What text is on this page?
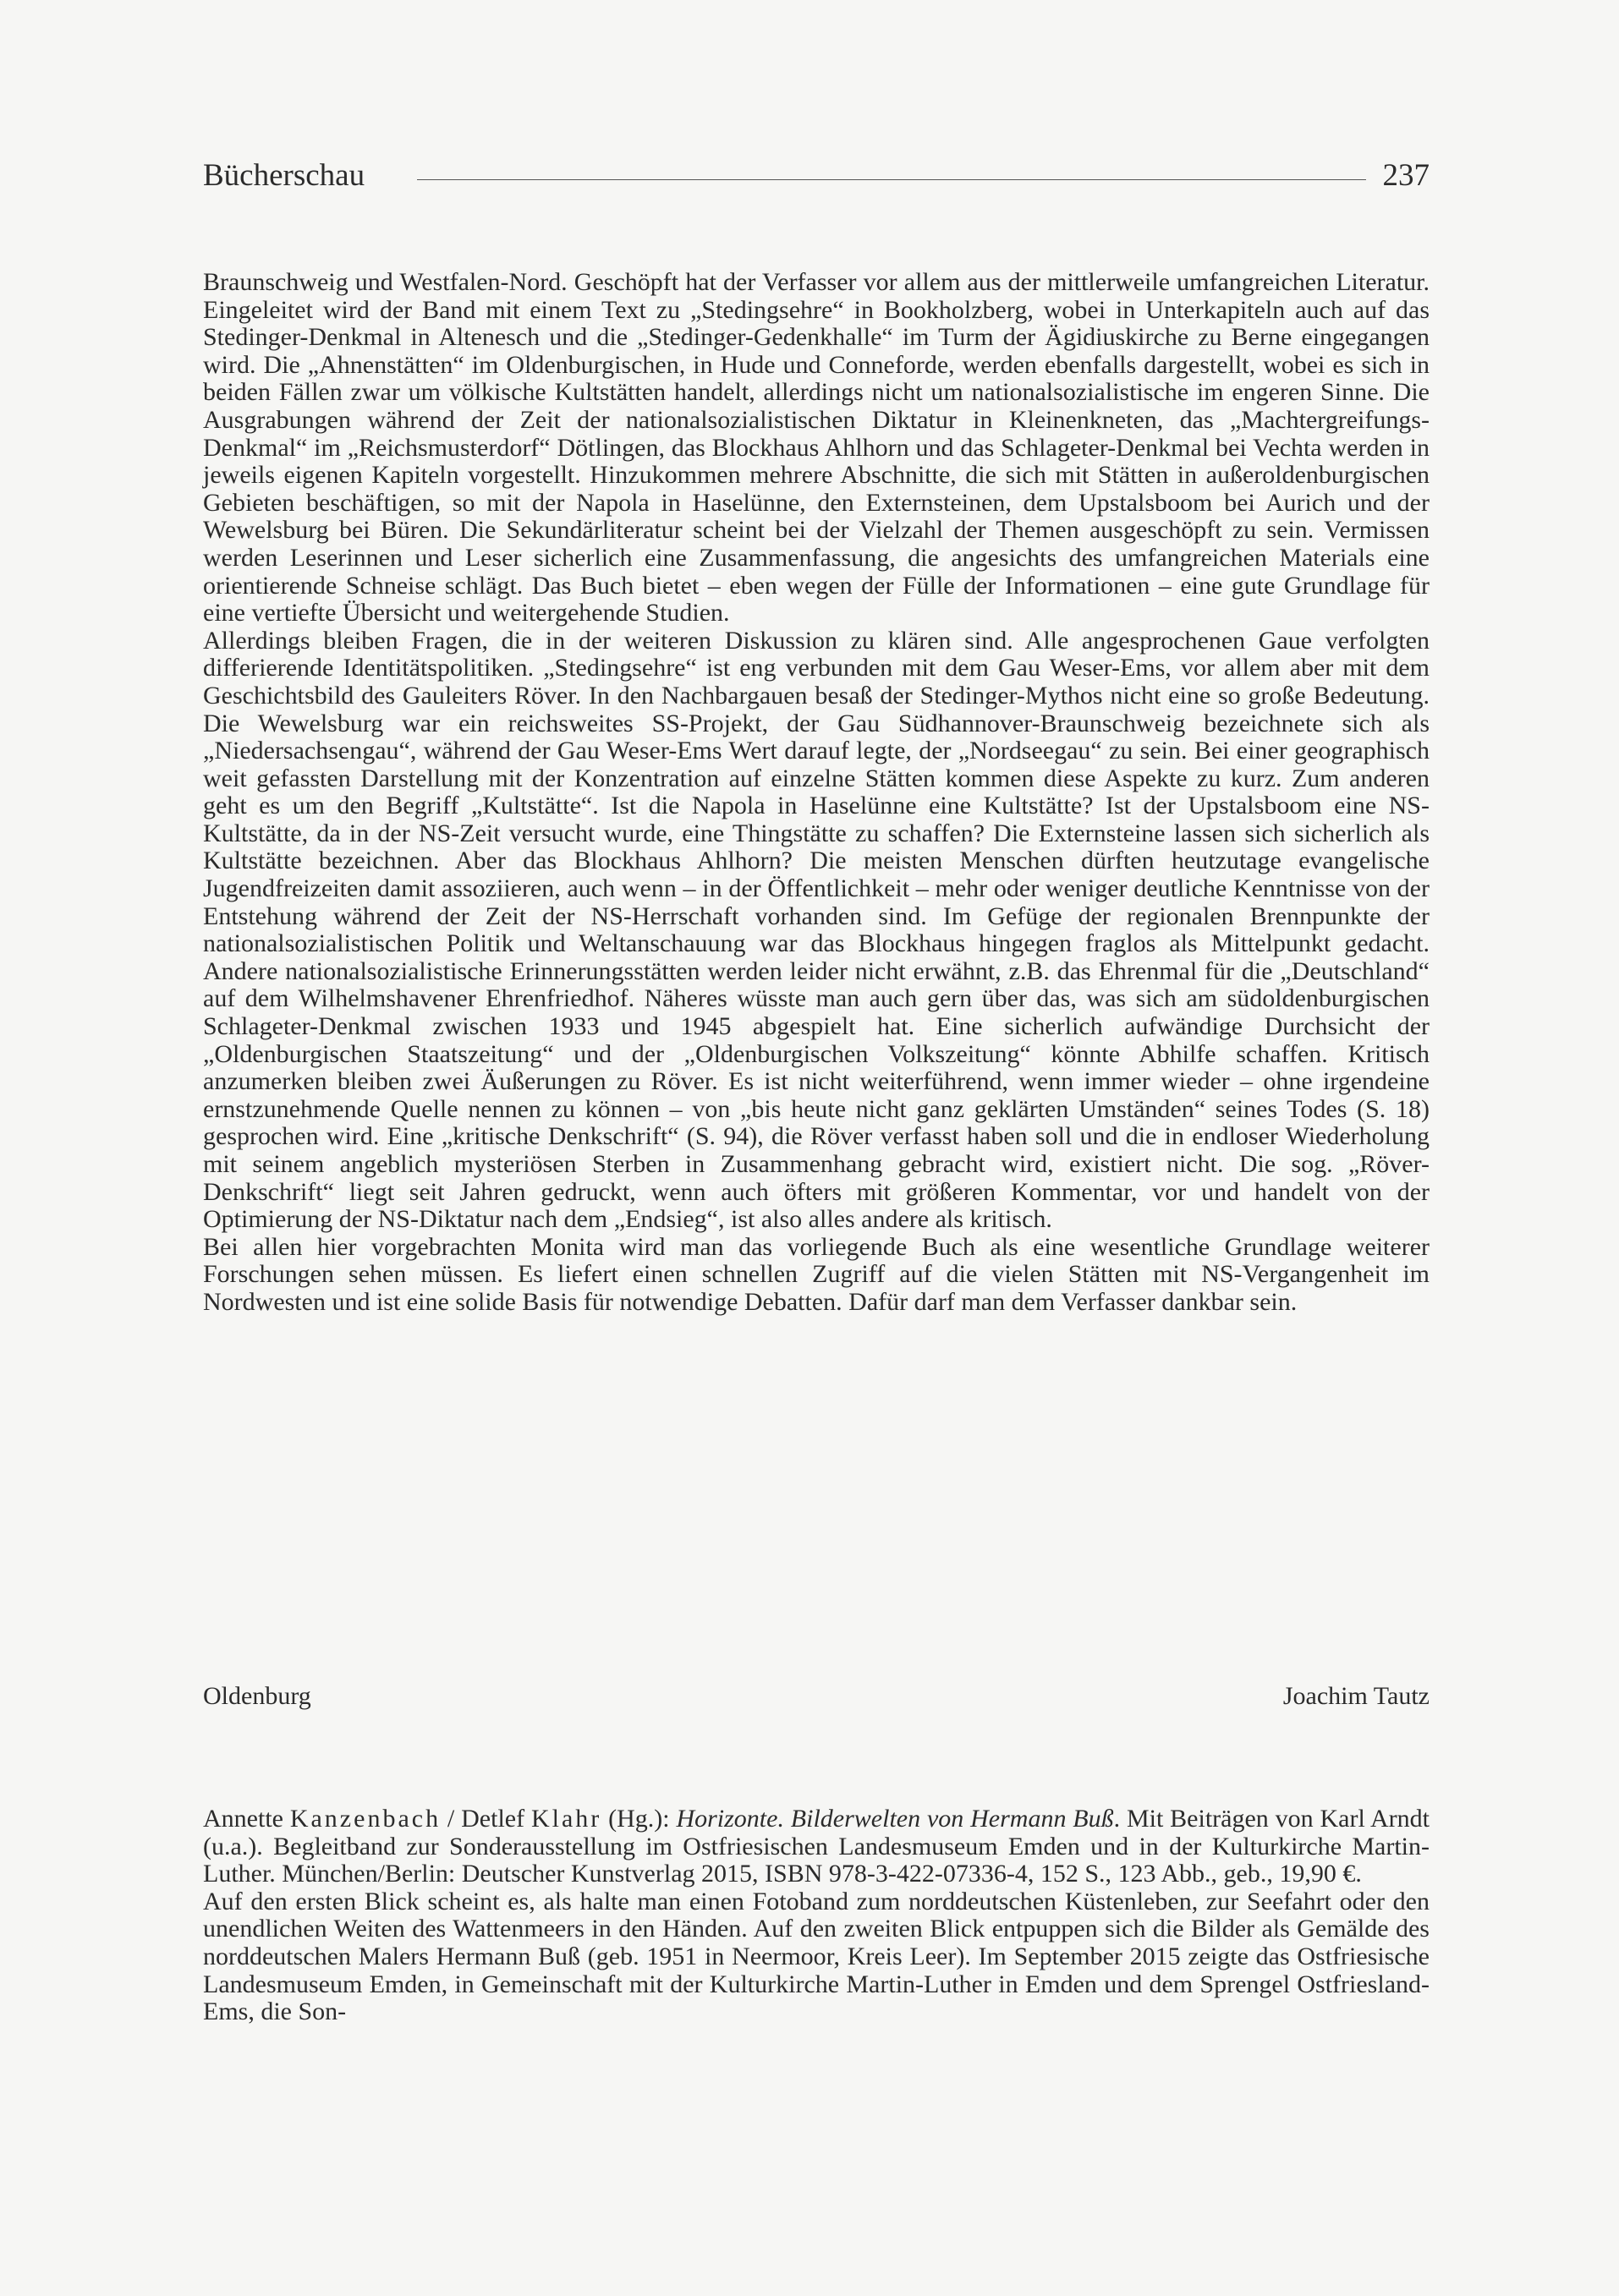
Bücherschau	237

Braunschweig und Westfalen-Nord. Geschöpft hat der Verfasser vor allem aus der mittlerweile umfangreichen Literatur. Eingeleitet wird der Band mit einem Text zu „Stedingsehre“ in Bookholzberg, wobei in Unterkapiteln auch auf das Stedinger-Denkmal in Altenesch und die „Stedinger-Gedenkhalle“ im Turm der Ägidiuskirche zu Berne eingegangen wird. Die „Ahnenstätten“ im Oldenburgischen, in Hude und Conneforde, werden ebenfalls dargestellt, wobei es sich in beiden Fällen zwar um völkische Kultstätten handelt, allerdings nicht um nationalsozialistische im engeren Sinne. Die Ausgrabungen während der Zeit der nationalsozialistischen Diktatur in Kleinenkneten, das „Machtergreifungs-Denkmal“ im „Reichsmusterdorf“ Dötlingen, das Blockhaus Ahlhorn und das Schlageter-Denkmal bei Vechta werden in jeweils eigenen Kapiteln vorgestellt. Hinzukommen mehrere Abschnitte, die sich mit Stätten in außeroldenburgischen Gebieten beschäftigen, so mit der Napola in Haselünne, den Externsteinen, dem Upstalsboom bei Aurich und der Wewelsburg bei Büren. Die Sekundärliteratur scheint bei der Vielzahl der Themen ausgeschöpft zu sein. Vermissen werden Leserinnen und Leser sicherlich eine Zusammenfassung, die angesichts des umfangreichen Materials eine orientierende Schneise schlägt. Das Buch bietet – eben wegen der Fülle der Informationen – eine gute Grundlage für eine vertiefte Übersicht und weitergehende Studien.

Allerdings bleiben Fragen, die in der weiteren Diskussion zu klären sind. Alle angesprochenen Gaue verfolgten differierende Identitätspolitiken. „Stedingsehre“ ist eng verbunden mit dem Gau Weser-Ems, vor allem aber mit dem Geschichtsbild des Gauleiters Röver. In den Nachbargauen besaß der Stedinger-Mythos nicht eine so große Bedeutung. Die Wewelsburg war ein reichsweites SS-Projekt, der Gau Südhannover-Braunschweig bezeichnete sich als „Niedersachsengau“, während der Gau Weser-Ems Wert darauf legte, der „Nordseegau“ zu sein. Bei einer geographisch weit gefassten Darstellung mit der Konzentration auf einzelne Stätten kommen diese Aspekte zu kurz. Zum anderen geht es um den Begriff „Kultstätte“. Ist die Napola in Haselünne eine Kultstätte? Ist der Upstalsboom eine NS-Kultstätte, da in der NS-Zeit versucht wurde, eine Thingstätte zu schaffen? Die Externsteine lassen sich sicherlich als Kultstätte bezeichnen. Aber das Blockhaus Ahlhorn? Die meisten Menschen dürften heutzutage evangelische Jugendfreizeiten damit assoziieren, auch wenn – in der Öffentlichkeit – mehr oder weniger deutliche Kenntnisse von der Entstehung während der Zeit der NS-Herrschaft vorhanden sind. Im Gefüge der regionalen Brennpunkte der nationalsozialistischen Politik und Weltanschauung war das Blockhaus hingegen fraglos als Mittelpunkt gedacht. Andere nationalsozialistische Erinnerungsstätten werden leider nicht erwähnt, z.B. das Ehrenmal für die „Deutschland“ auf dem Wilhelmshavener Ehrenfriedhof. Näheres wüsste man auch gern über das, was sich am südoldenburgischen Schlageter-Denkmal zwischen 1933 und 1945 abgespielt hat. Eine sicherlich aufwändige Durchsicht der „Oldenburgischen Staatszeitung“ und der „Oldenburgischen Volkszeitung“ könnte Abhilfe schaffen. Kritisch anzumerken bleiben zwei Äußerungen zu Röver. Es ist nicht weiterführend, wenn immer wieder – ohne irgendeine ernstzunehmende Quelle nennen zu können – von „bis heute nicht ganz geklärten Umständen“ seines Todes (S. 18) gesprochen wird. Eine „kritische Denkschrift“ (S. 94), die Röver verfasst haben soll und die in endloser Wiederholung mit seinem angeblich mysteriösen Sterben in Zusammenhang gebracht wird, existiert nicht. Die sog. „Röver-Denkschrift“ liegt seit Jahren gedruckt, wenn auch öfters mit größeren Kommentar, vor und handelt von der Optimierung der NS-Diktatur nach dem „Endsieg“, ist also alles andere als kritisch.

Bei allen hier vorgebrachten Monita wird man das vorliegende Buch als eine wesentliche Grundlage weiterer Forschungen sehen müssen. Es liefert einen schnellen Zugriff auf die vielen Stätten mit NS-Vergangenheit im Nordwesten und ist eine solide Basis für notwendige Debatten. Dafür darf man dem Verfasser dankbar sein.

Oldenburg	Joachim Tautz

Annette Kanzenbach / Detlef Klahr (Hg.): Horizonte. Bilderwelten von Hermann Buß. Mit Beiträgen von Karl Arndt (u.a.). Begleitband zur Sonderausstellung im Ostfriesischen Landesmuseum Emden und in der Kulturkirche Martin-Luther. München/Berlin: Deutscher Kunstverlag 2015, ISBN 978-3-422-07336-4, 152 S., 123 Abb., geb., 19,90 €.

Auf den ersten Blick scheint es, als halte man einen Fotoband zum norddeutschen Küstenleben, zur Seefahrt oder den unendlichen Weiten des Wattenmeers in den Händen. Auf den zweiten Blick entpuppen sich die Bilder als Gemälde des norddeutschen Malers Hermann Buß (geb. 1951 in Neermoor, Kreis Leer). Im September 2015 zeigte das Ostfriesische Landesmuseum Emden, in Gemeinschaft mit der Kulturkirche Martin-Luther in Emden und dem Sprengel Ostfriesland-Ems, die Son-
